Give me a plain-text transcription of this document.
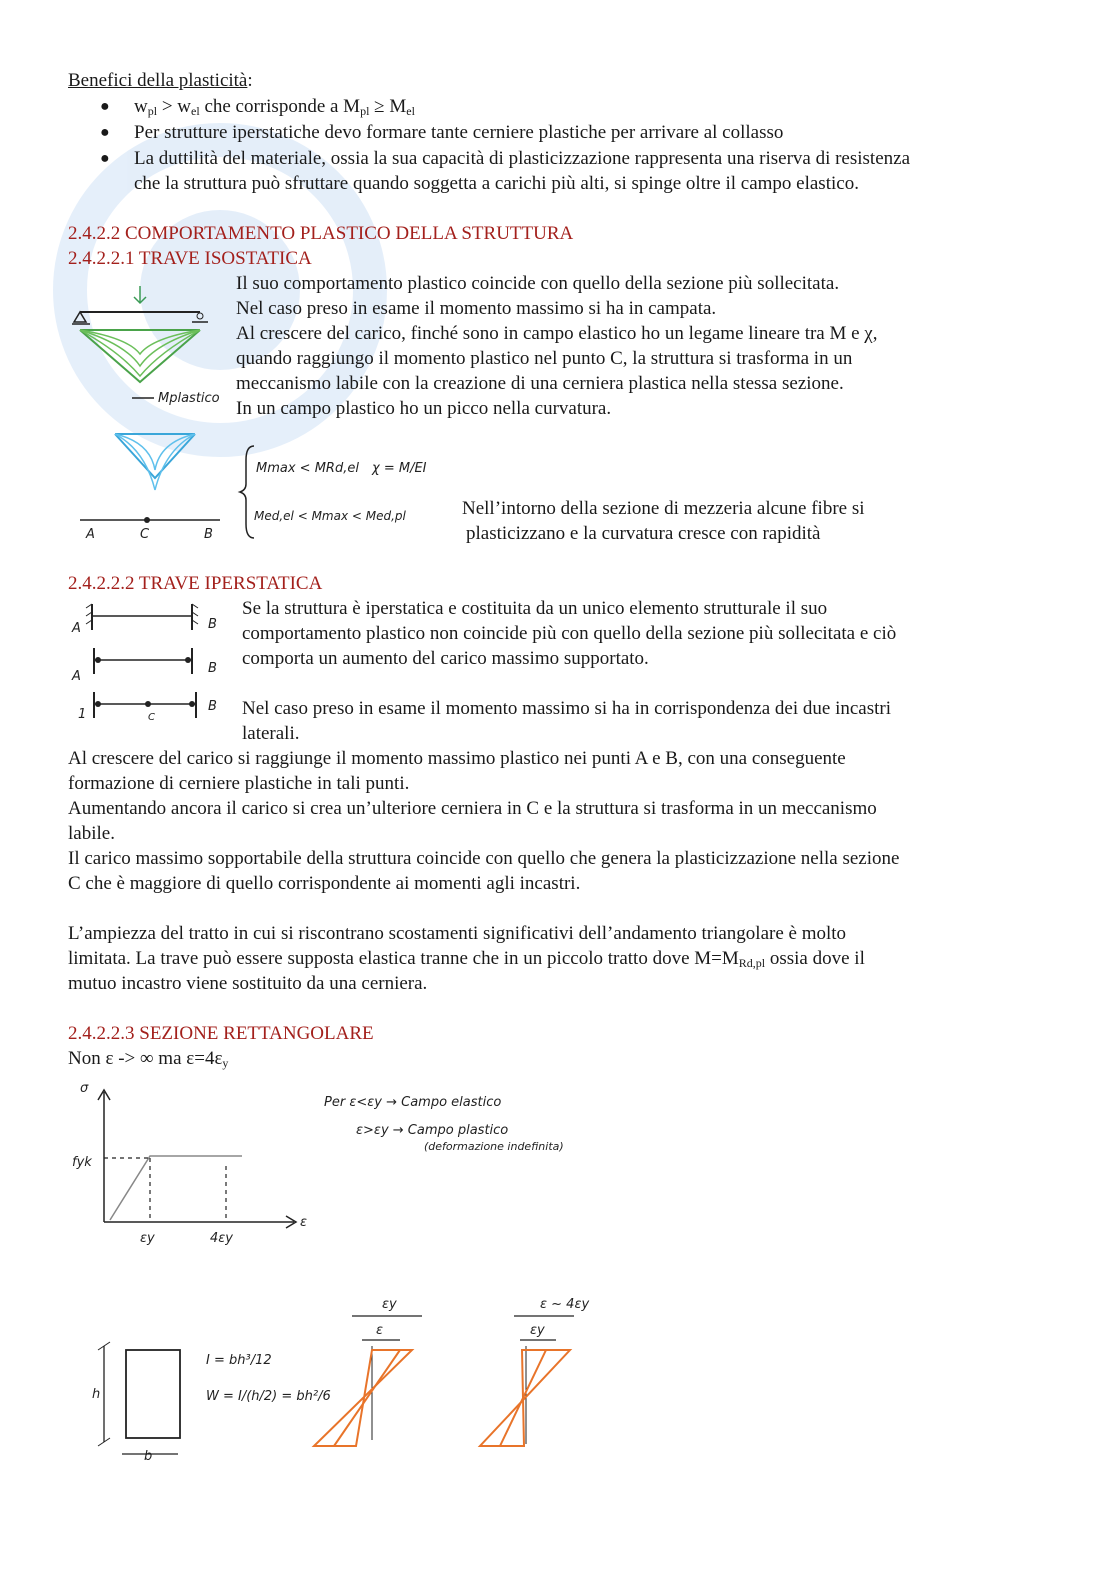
Benefici della plasticità:
● $w_{pl} > w_{el}$ che corrisponde a $M_{pl} \ge M_{el}$
● Per strutture iperstatiche devo formare tante cerniere plastiche per arrivare al collasso
● La duttilità del materiale, ossia la sua capacità di plasticizzazione rappresenta una riserva di resistenza
che la struttura può sfruttare quando soggetta a carichi più alti, si spinge oltre il campo elastico.
2.4.2.2 COMPORTAMENTO PLASTICO DELLA STRUTTURA
2.4.2.2.1 TRAVE ISOSTATICA
Il suo comportamento plastico coincide con quello della sezione più sollecitata.
Nel caso preso in esame il momento massimo si ha in campata.
Al crescere del carico, finché sono in campo elastico ho un legame lineare tra M e χ,
quando raggiungo il momento plastico nel punto C, la struttura si trasforma in un
meccanismo labile con la creazione di una cerniera plastica nella stessa sezione.
In un campo plastico ho un picco nella curvatura.
Mplastico
A	C	B
Mmax < MRd,el χ = M/EI
Med,el < Mmax < Med,pl	Nell’intorno della sezione di mezzeria alcune fibre si
plasticizzano e la curvatura cresce con rapidità
2.4.2.2.2 TRAVE IPERSTATICA
A	B
A
B
1	C
B
Se la struttura è iperstatica e costituita da un unico elemento strutturale il suo
comportamento plastico non coincide più con quello della sezione più sollecitata e ciò
comporta un aumento del carico massimo supportato.
Nel caso preso in esame il momento massimo si ha in corrispondenza dei due incastri
laterali.
Al crescere del carico si raggiunge il momento massimo plastico nei punti A e B, con una conseguente
formazione di cerniere plastiche in tali punti.
Aumentando ancora il carico si crea un’ulteriore cerniera in C e la struttura si trasforma in un meccanismo
labile.
Il carico massimo sopportabile della struttura coincide con quello che genera la plasticizzazione nella sezione
C che è maggiore di quello corrispondente ai momenti agli incastri.
L’ampiezza del tratto in cui si riscontrano scostamenti significativi dell’andamento triangolare è molto
limitata. La trave può essere supposta elastica tranne che in un piccolo tratto dove $M=M_{Rd,pl}$ ossia dove il
mutuo incastro viene sostituito da una cerniera.
2.4.2.2.3 SEZIONE RETTANGOLARE
Non ε -> ∞ ma $\varepsilon=4\varepsilon_y$
σ
ε
fyk
εy	4εy
Per ε<εy → Campo elastico
ε>εy → Campo plastico
(deformazione indefinita)
h
b
I = bh³/12
W = I/(h/2) = bh²/6
εy
ε
ε ~ 4εy
εy
